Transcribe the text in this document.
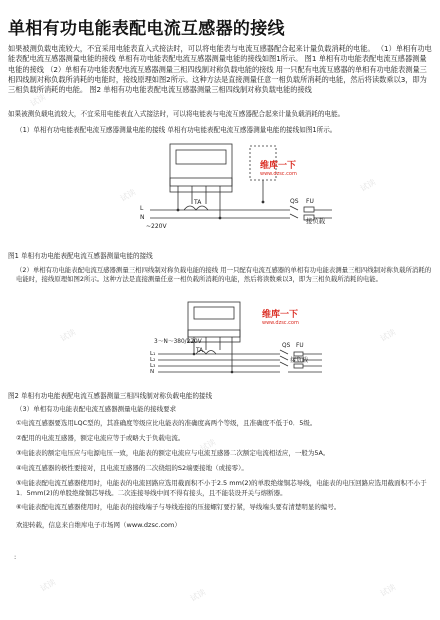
单相有功电能表配电流互感器的接线
如果被测负载电流较大，不宜采用电能表直入式接法时，可以将电能表与电流互感器配合起来计量负载消耗的电能。 （1）单相有功电能表配电流互感器测量电能的接线 单相有功电能表配电流互感器测量电能的接线如图1所示。 图1 单相有功电能表配电流互感器测量电能的接线 （2）单相有功电能表配电流互感器测量三相四线制对称负载电能的接线 用一只配有电流互感器的单相有功电能表测量三相四线制对称负载所消耗的电能时，接线原理如图2所示。这种方法是直接测量任意一相负载所消耗的电能，然后将读数乘以3，即为三相负载所消耗的电能。 图2 单相有功电能表配电流互感器测量三相四线制对称负载电能的接线
如果被测负载电流较大，不宜采用电能表直入式接法时，可以将电能表与电流互感器配合起来计量负载消耗的电能。
（1）单相有功电能表配电流互感器测量电能的接线 单相有功电能表配电流互感器测量电能的接线如图1所示。
L
N
~220V
TA	QS FU
接负载
维库一下
www.dzsc.com
图1 单相有功电能表配电流互感器测量电能的接线
（2）单相有功电能表配电流互感器测量三相四线制对称负载电能的接线 用一只配有电流互感器的单相有功电能表测量三相四线制对称负载所消耗的电能时，接线原理如图2所示。这种方法是直接测量任意一相负载所消耗的电能，然后将读数乘以3，即为三相负载所消耗的电能。
3～N～380/220V
TA
QS FU
L₁
L₂
L₃
N
接负载
维库一下
www.dzsc.com
图2 单相有功电能表配电流互感器测量三相四线制对称负载电能的接线
（3）单相有功电能表配电流互感器测量电能的接线要求
①电流互感器要选用LQC型的，其准确度等级应比电能表的准确度高两个等级，且准确度不低于0．5级。
②配用的电流互感器，额定电流应等于或略大于负载电流。
③电能表的额定电压应与电源电压一致，电能表的额定电流应与电流互感器二次额定电流相适应，一般为5A。
④电流互感器的极性要接对，且电流互感器的二次绕组的S2端要接地（或接零）。
⑤电能表配电流互感器使用时，电能表的电流回路应选用截面积不小于2.5 mm(2)的单股绝缘铜芯导线，电能表的电压回路应选用截面积不小于1．5mm(2)的单股绝缘铜芯导线。二次连接导线中间不得有接头，且不能装设开关与熔断器。
⑥电能表配电流互感器使用时，电能表的接线端子与导线连接的压接螺钉要拧紧，导线端头要有清楚明显的编号。
欢迎转载，信息来自维库电子市场网（www.dzsc.com）
:
试读
试读
试读
试读	试读
试读
试读
试读	试读
